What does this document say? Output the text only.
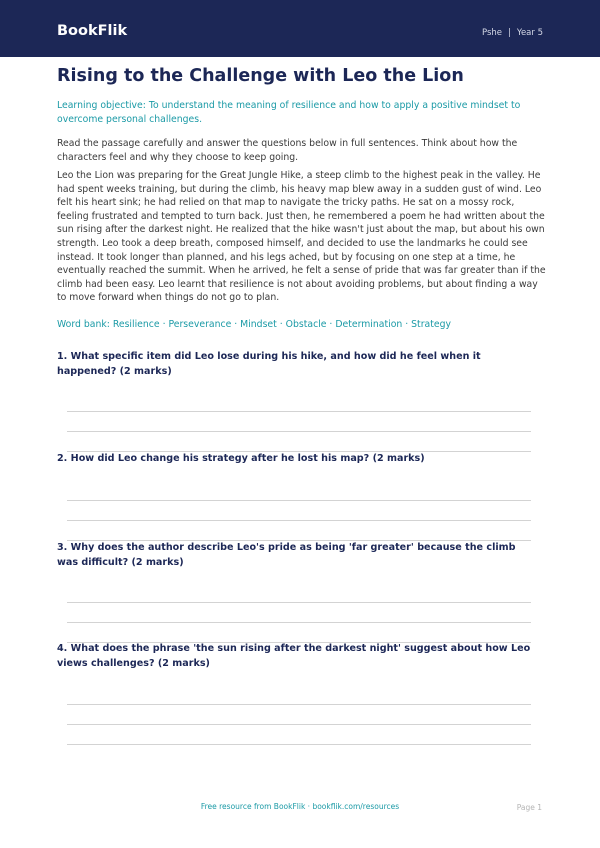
BookFlik	Pshe | Year 5
Rising to the Challenge with Leo the Lion

Learning objective: To understand the meaning of resilience and how to apply a positive mindset to overcome personal challenges.

Read the passage carefully and answer the questions below in full sentences. Think about how the characters feel and why they choose to keep going.

Leo the Lion was preparing for the Great Jungle Hike, a steep climb to the highest peak in the valley. He had spent weeks training, but during the climb, his heavy map blew away in a sudden gust of wind. Leo felt his heart sink; he had relied on that map to navigate the tricky paths. He sat on a mossy rock, feeling frustrated and tempted to turn back. Just then, he remembered a poem he had written about the sun rising after the darkest night. He realized that the hike wasn't just about the map, but about his own strength. Leo took a deep breath, composed himself, and decided to use the landmarks he could see instead. It took longer than planned, and his legs ached, but by focusing on one step at a time, he eventually reached the summit. When he arrived, he felt a sense of pride that was far greater than if the climb had been easy. Leo learnt that resilience is not about avoiding problems, but about finding a way to move forward when things do not go to plan.

Word bank: Resilience · Perseverance · Mindset · Obstacle · Determination · Strategy

1. What specific item did Leo lose during his hike, and how did he feel when it happened? (2 marks)

2. How did Leo change his strategy after he lost his map? (2 marks)

3. Why does the author describe Leo's pride as being 'far greater' because the climb was difficult? (2 marks)

4. What does the phrase 'the sun rising after the darkest night' suggest about how Leo views challenges? (2 marks)

Free resource from BookFlik · bookflik.com/resources	Page 1
